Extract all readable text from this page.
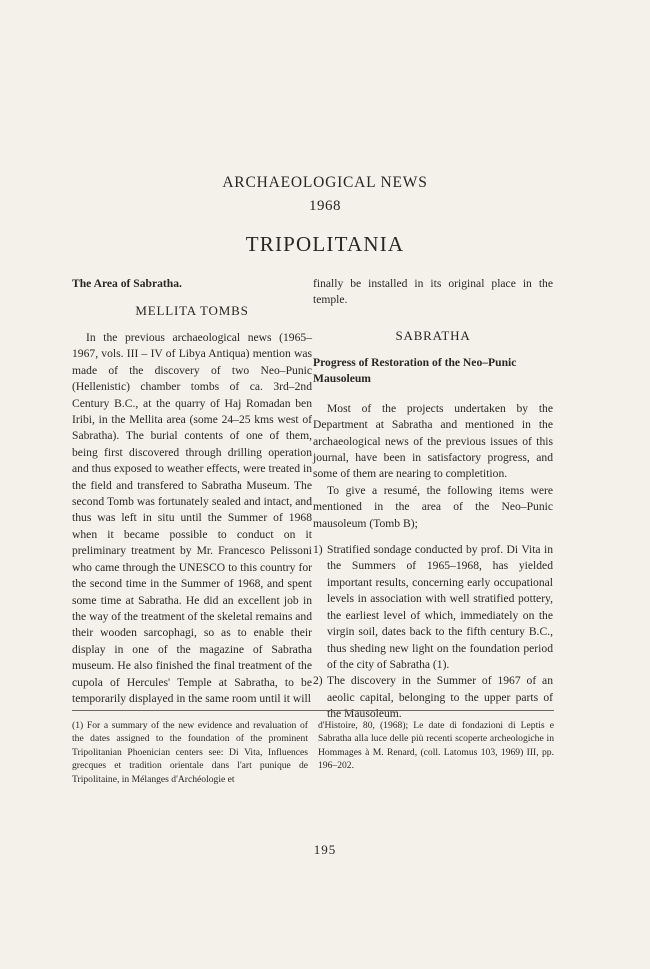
ARCHAEOLOGICAL NEWS
1968
TRIPOLITANIA
The Area of Sabratha.
MELLITA TOMBS

In the previous archaeological news (1965–1967, vols. III – IV of Libya Antiqua) mention was made of the discovery of two Neo–Punic (Hellenistic) chamber tombs of ca. 3rd–2nd Century B.C., at the quarry of Haj Romadan ben Iribi, in the Mellita area (some 24–25 kms west of Sabratha). The burial contents of one of them, being first discovered through drilling operation and thus exposed to weather effects, were treated in the field and transfered to Sabratha Museum. The second Tomb was fortunately sealed and intact, and thus was left in situ until the Summer of 1968 when it became possible to conduct on it preliminary treatment by Mr. Francesco Pelissoni who came through the UNESCO to this country for the second time in the Summer of 1968, and spent some time at Sabratha. He did an excellent job in the way of the treatment of the skeletal remains and their wooden sarcophagi, so as to enable their display in one of the magazine of Sabratha museum. He also finished the final treatment of the cupola of Hercules' Temple at Sabratha, to be temporarily displayed in the same room until it will

finally be installed in its original place in the temple.

SABRATHA
Progress of Restoration of the Neo–Punic Mausoleum

Most of the projects undertaken by the Department at Sabratha and mentioned in the archaeological news of the previous issues of this journal, have been in satisfactory progress, and some of them are nearing to completition.

To give a resumé, the following items were mentioned in the area of the Neo–Punic mausoleum (Tomb B);

1) Stratified sondage conducted by prof. Di Vita in the Summers of 1965–1968, has yielded important results, concerning early occupational levels in association with well stratified pottery, the earliest level of which, immediately on the virgin soil, dates back to the fifth century B.C., thus sheding new light on the foundation period of the city of Sabratha (1).
2) The discovery in the Summer of 1967 of an aeolic capital, belonging to the upper parts of the Mausoleum.
(1) For a summary of the new evidence and revaluation of the dates assigned to the foundation of the prominent Tripolitanian Phoenician centers see: Di Vita, Influences grecques et tradition orientale dans l'art punique de Tripolitaine, in Mélanges d'Archéologie et
d'Histoire, 80, (1968); Le date di fondazioni di Leptis e Sabratha alla luce delle più recenti scoperte archeologiche in Hommages à M. Renard, (coll. Latomus 103, 1969) III, pp. 196–202.
195
